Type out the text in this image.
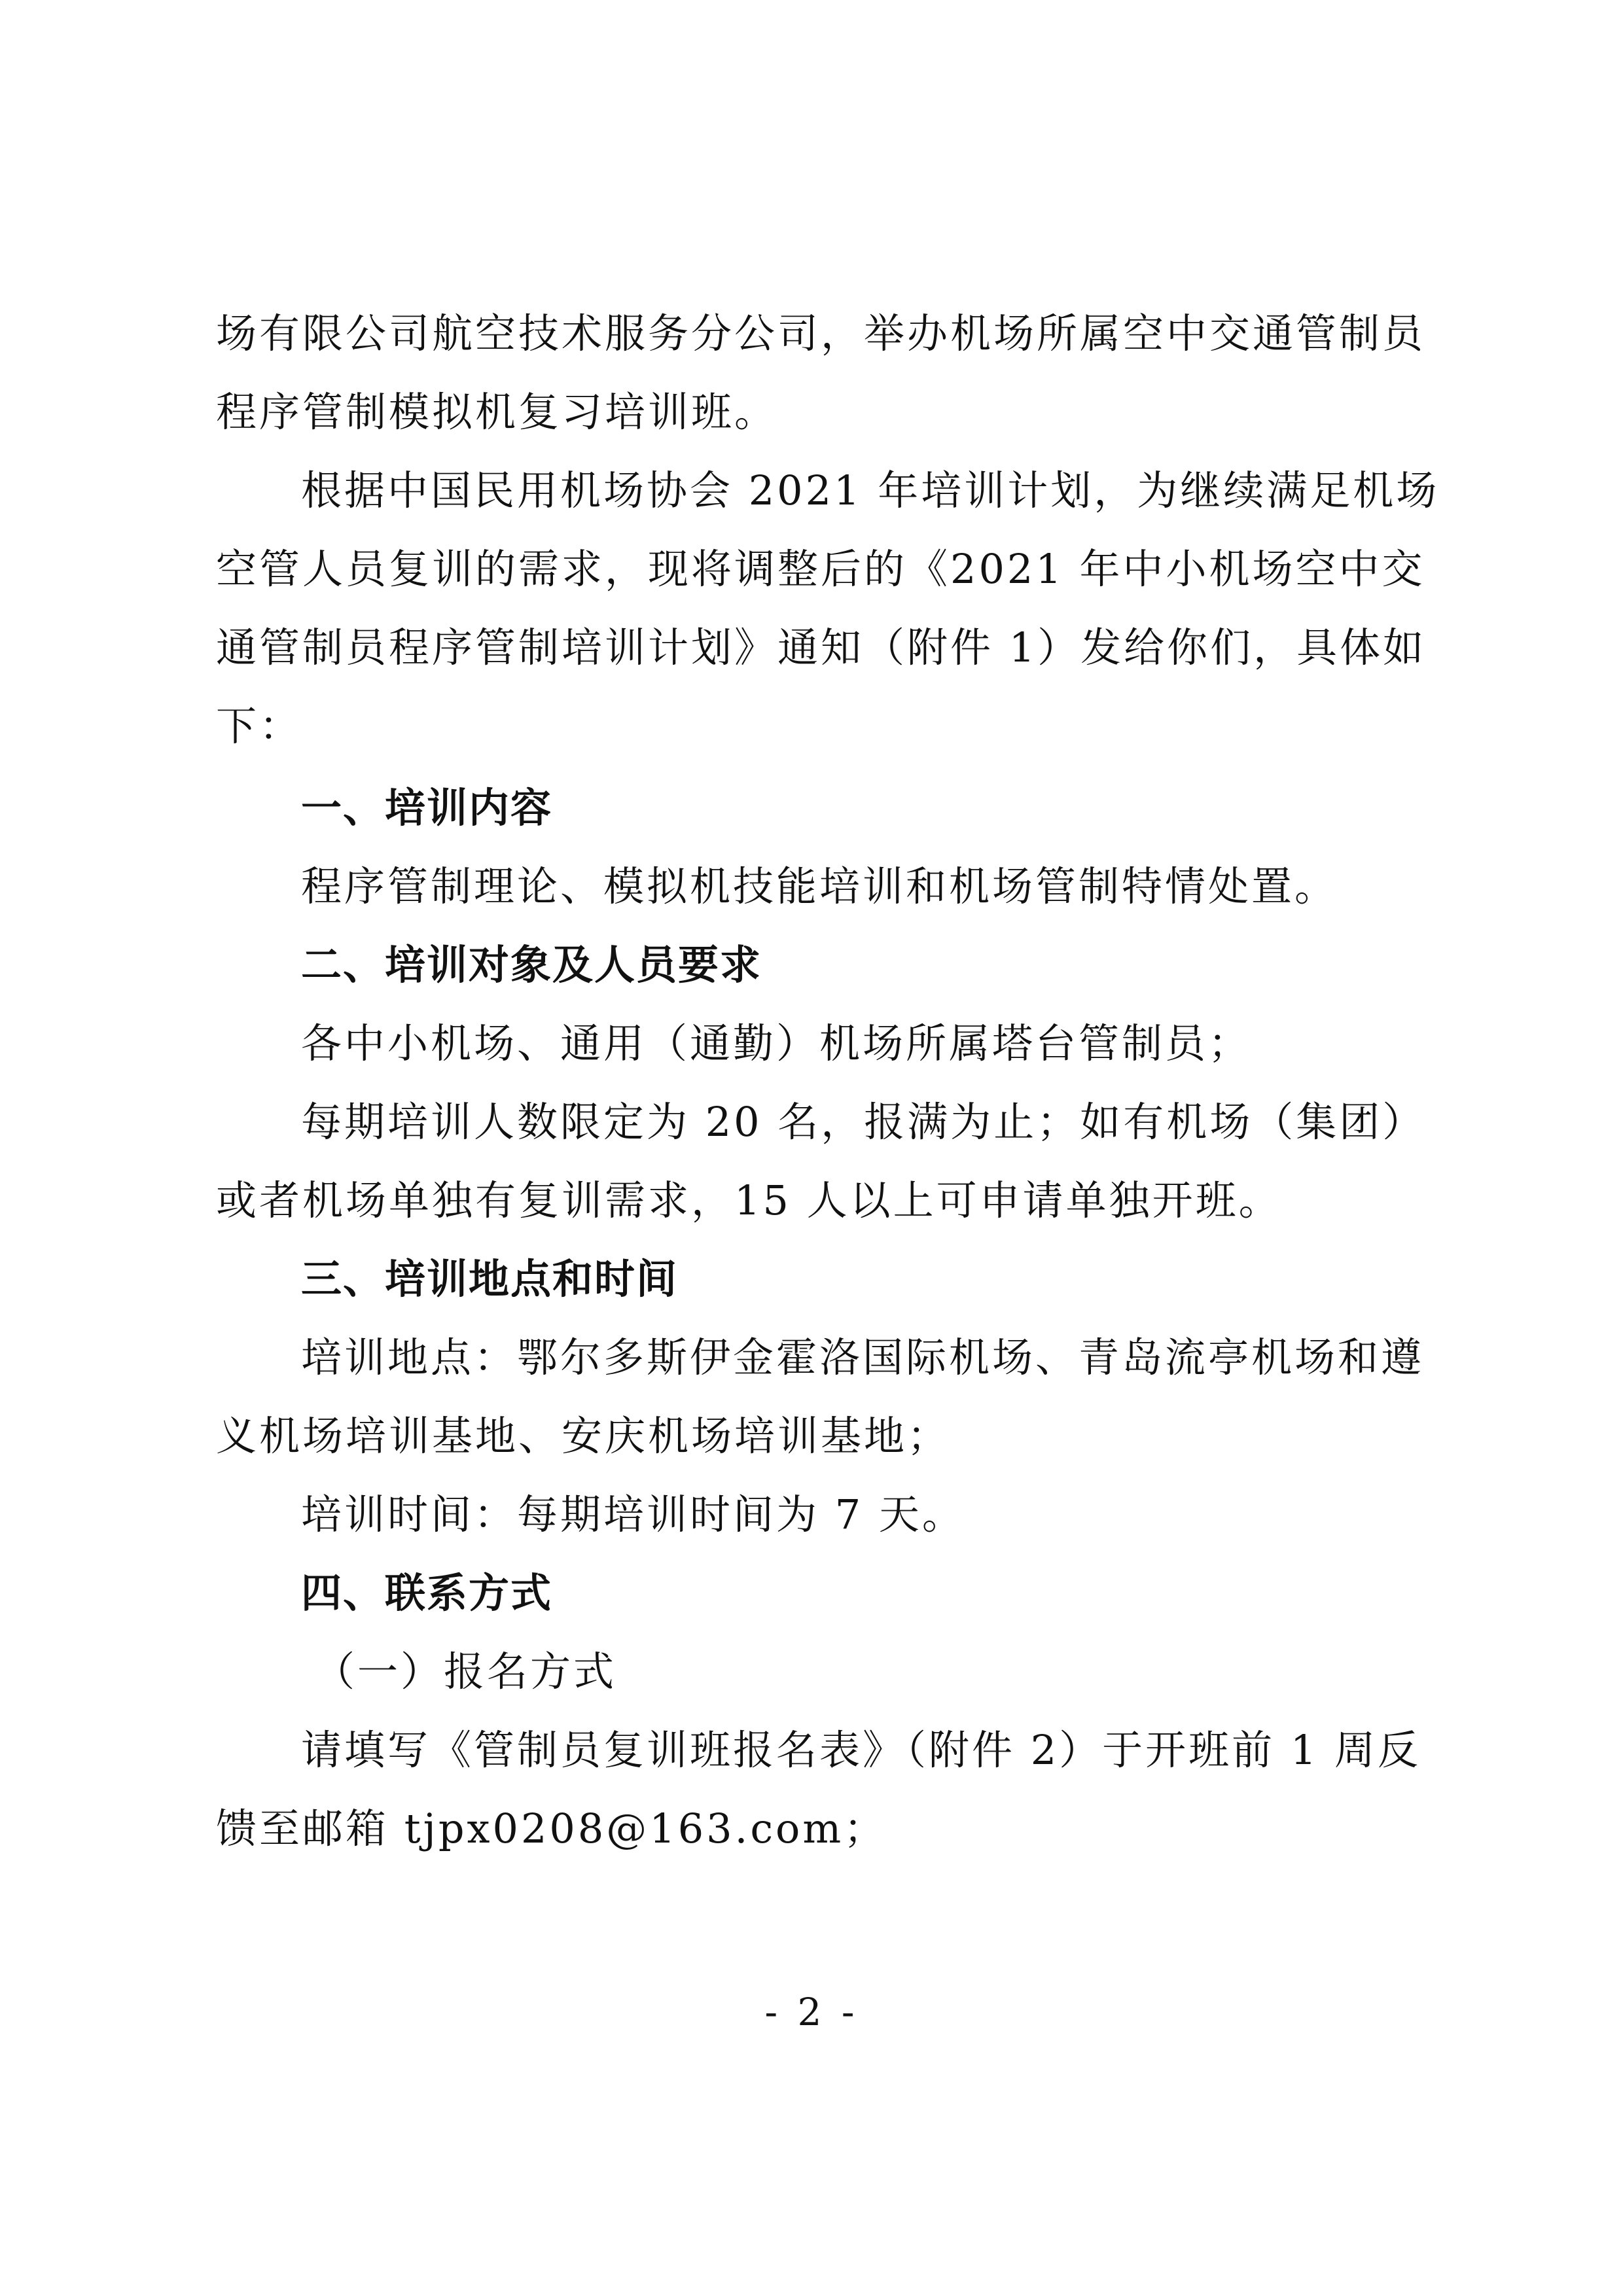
场有限公司航空技术服务分公司，举办机场所属空中交通管制员
程序管制模拟机复习培训班。
根据中国民用机场协会 2021 年培训计划，为继续满足机场
空管人员复训的需求，现将调整后的《2021 年中小机场空中交
通管制员程序管制培训计划》通知（附件 1）发给你们，具体如
下：
一、培训内容
程序管制理论、模拟机技能培训和机场管制特情处置。
二、培训对象及人员要求
各中小机场、通用（通勤）机场所属塔台管制员；
每期培训人数限定为 20 名，报满为止；如有机场（集团）
或者机场单独有复训需求，15 人以上可申请单独开班。
三、培训地点和时间
培训地点：鄂尔多斯伊金霍洛国际机场、青岛流亭机场和遵
义机场培训基地、安庆机场培训基地；
培训时间：每期培训时间为 7 天。
四、联系方式
（一）报名方式
请填写《管制员复训班报名表》（附件 2）于开班前 1 周反
馈至邮箱 tjpx0208@163.com；
- 2 -
